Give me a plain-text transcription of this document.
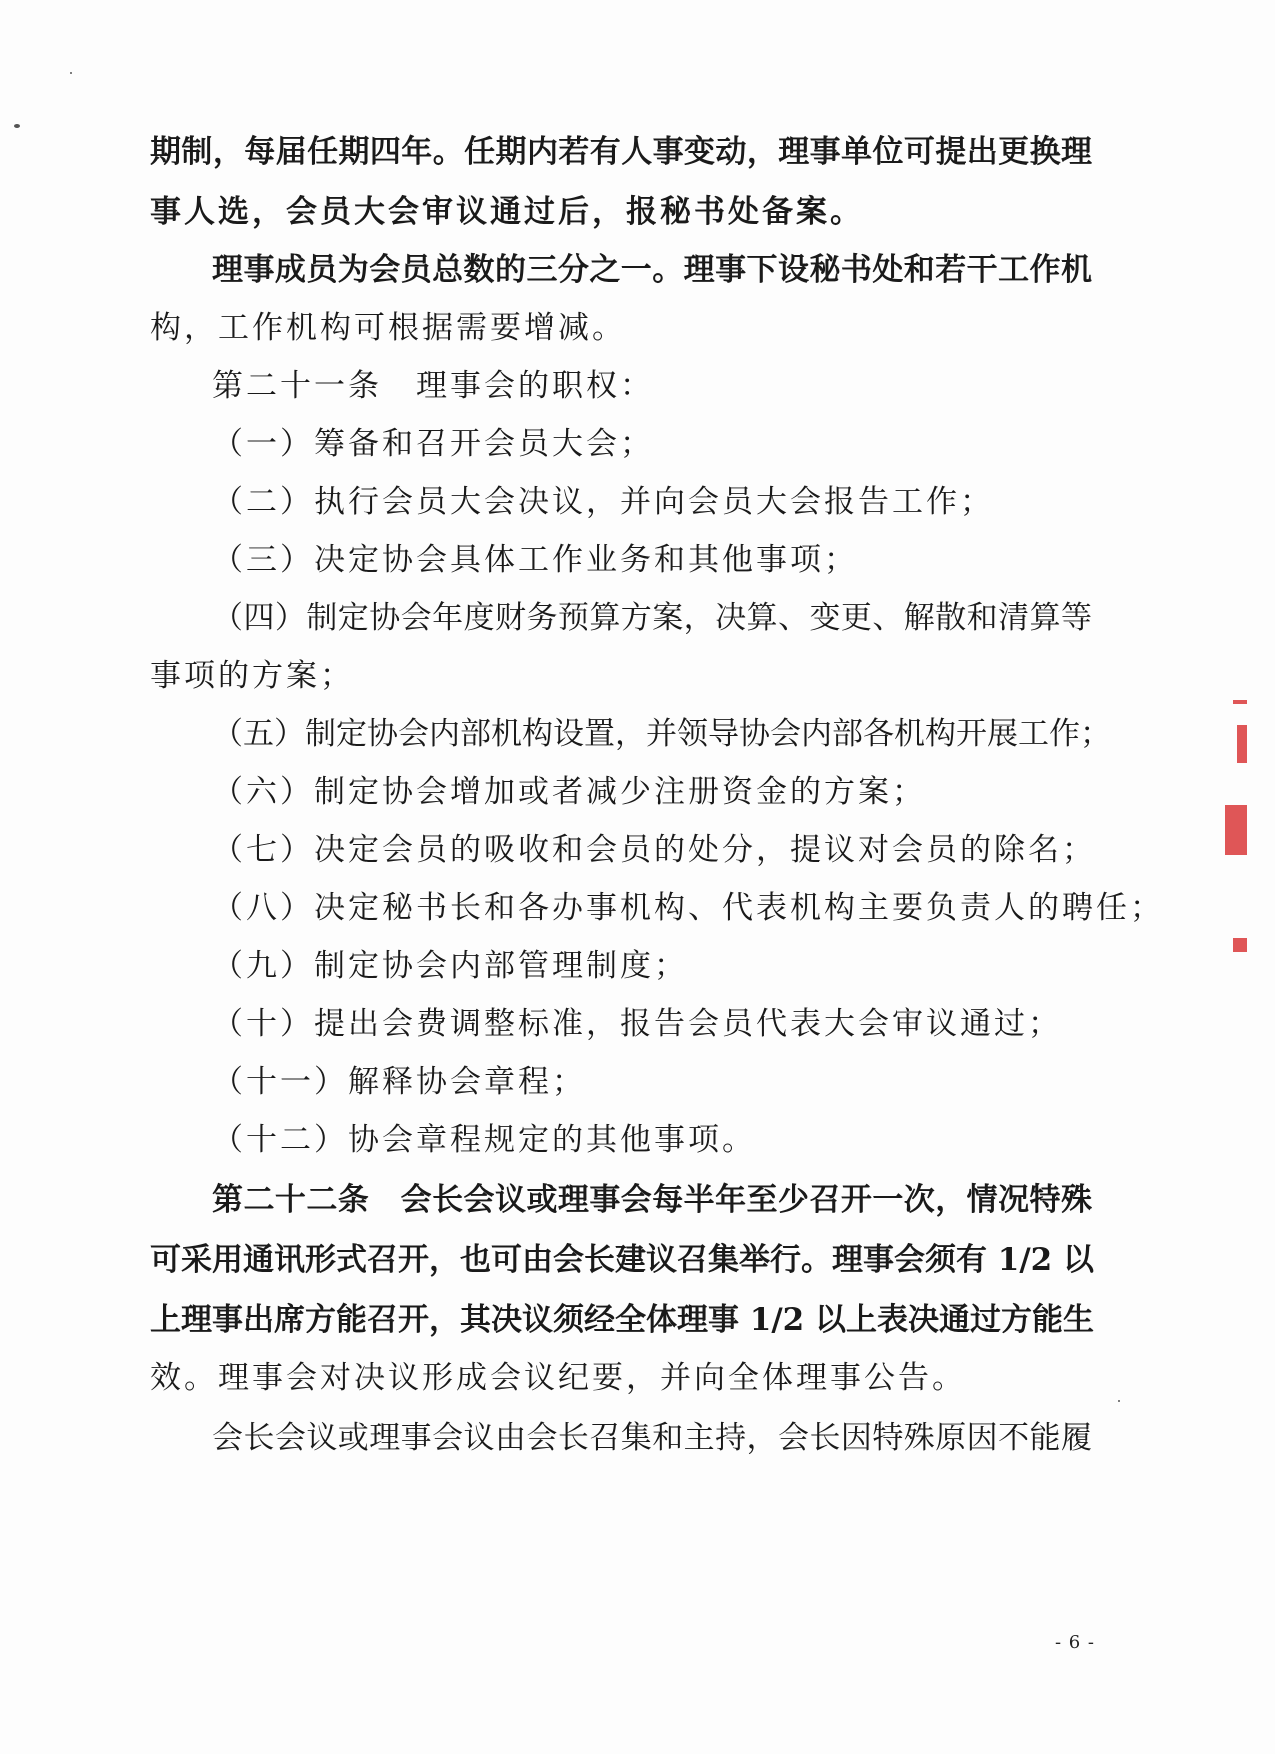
期制，每届任期四年。任期内若有人事变动，理事单位可提出更换理
事人选，会员大会审议通过后，报秘书处备案。
理事成员为会员总数的三分之一。理事下设秘书处和若干工作机
构，工作机构可根据需要增减。
第二十一条　理事会的职权：
（一）筹备和召开会员大会；
（二）执行会员大会决议，并向会员大会报告工作；
（三）决定协会具体工作业务和其他事项；
（四）制定协会年度财务预算方案，决算、变更、解散和清算等
事项的方案；
（五）制定协会内部机构设置，并领导协会内部各机构开展工作；
（六）制定协会增加或者减少注册资金的方案；
（七）决定会员的吸收和会员的处分，提议对会员的除名；
（八）决定秘书长和各办事机构、代表机构主要负责人的聘任；
（九）制定协会内部管理制度；
（十）提出会费调整标准，报告会员代表大会审议通过；
（十一）解释协会章程；
（十二）协会章程规定的其他事项。
第二十二条　会长会议或理事会每半年至少召开一次，情况特殊
可采用通讯形式召开，也可由会长建议召集举行。理事会须有 1/2 以
上理事出席方能召开，其决议须经全体理事 1/2 以上表决通过方能生
效。理事会对决议形成会议纪要，并向全体理事公告。
会长会议或理事会议由会长召集和主持，会长因特殊原因不能履
- 6 -
